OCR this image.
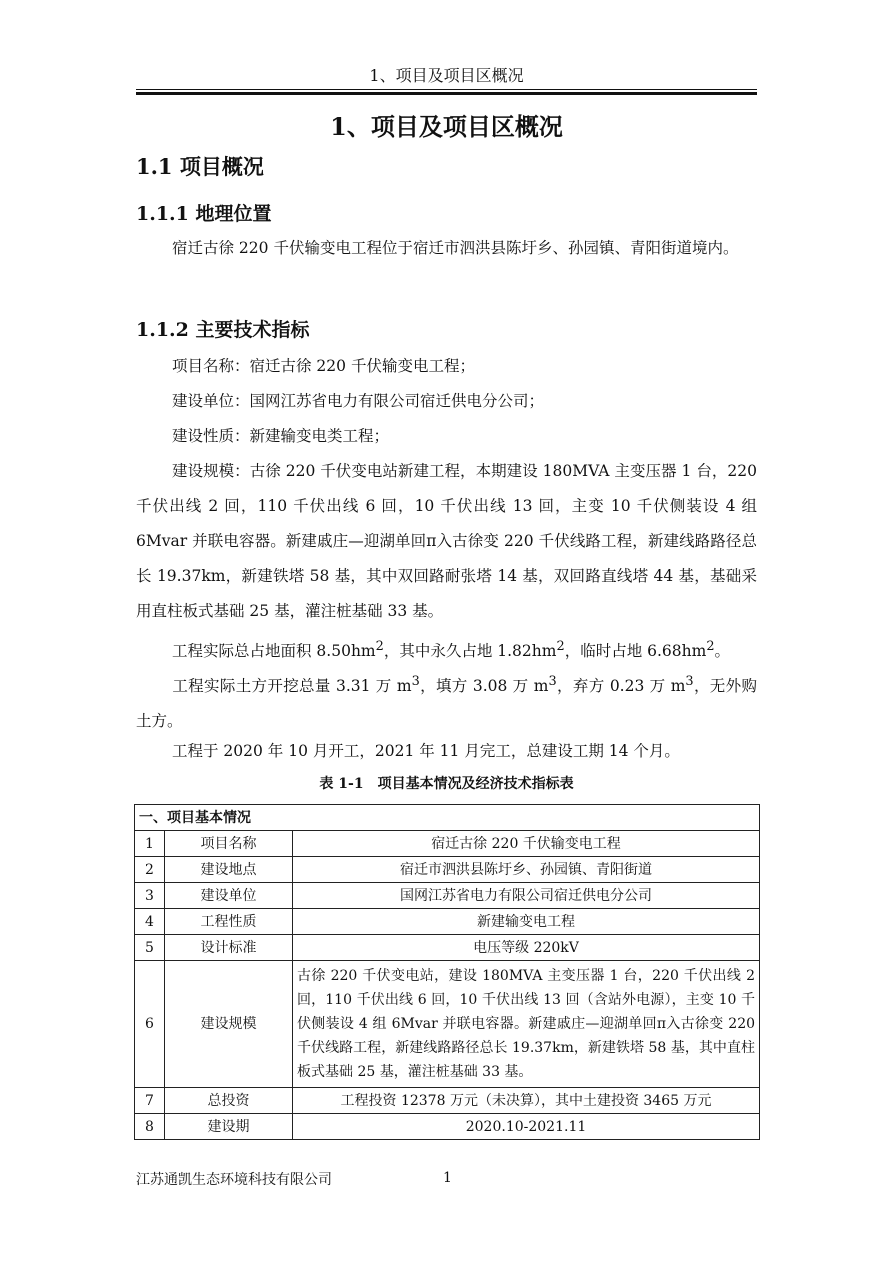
1、项目及项目区概况
1、项目及项目区概况
1.1 项目概况
1.1.1 地理位置
宿迁古徐 220 千伏输变电工程位于宿迁市泗洪县陈圩乡、孙园镇、青阳街道境内。
1.1.2 主要技术指标
项目名称：宿迁古徐 220 千伏输变电工程；
建设单位：国网江苏省电力有限公司宿迁供电分公司；
建设性质：新建输变电类工程；
建设规模：古徐 220 千伏变电站新建工程，本期建设 180MVA 主变压器 1 台，220 千伏出线 2 回，110 千伏出线 6 回，10 千伏出线 13 回，主变 10 千伏侧装设 4 组 6Mvar 并联电容器。新建戚庄—迎湖单回π入古徐变 220 千伏线路工程，新建线路路径总长 19.37km，新建铁塔 58 基，其中双回路耐张塔 14 基，双回路直线塔 44 基，基础采用直柱板式基础 25 基，灌注桩基础 33 基。
工程实际总占地面积 $8.50hm^2$，其中永久占地 $1.82hm^2$，临时占地 $6.68hm^2$。
工程实际土方开挖总量 3.31 万 $m^3$，填方 3.08 万 $m^3$，弃方 0.23 万 $m^3$，无外购土方。
工程于 2020 年 10 月开工，2021 年 11 月完工，总建设工期 14 个月。
表 1-1　项目基本情况及经济技术指标表
一、项目基本情况		
1	项目名称	宿迁古徐 220 千伏输变电工程
2	建设地点	宿迁市泗洪县陈圩乡、孙园镇、青阳街道
3	建设单位	国网江苏省电力有限公司宿迁供电分公司
4	工程性质	新建输变电工程
5	设计标准	电压等级 220kV
6	建设规模	古徐 220 千伏变电站，建设 180MVA 主变压器 1 台，220 千伏出线 2 回，110 千伏出线 6 回，10 千伏出线 13 回（含站外电源），主变 10 千伏侧装设 4 组 6Mvar 并联电容器。新建戚庄—迎湖单回π入古徐变 220 千伏线路工程，新建线路路径总长 19.37km，新建铁塔 58 基，其中直柱板式基础 25 基，灌注桩基础 33 基。
7	总投资	工程投资 12378 万元（未决算），其中土建投资 3465 万元
8	建设期	2020.10-2021.11
江苏通凯生态环境科技有限公司	1
